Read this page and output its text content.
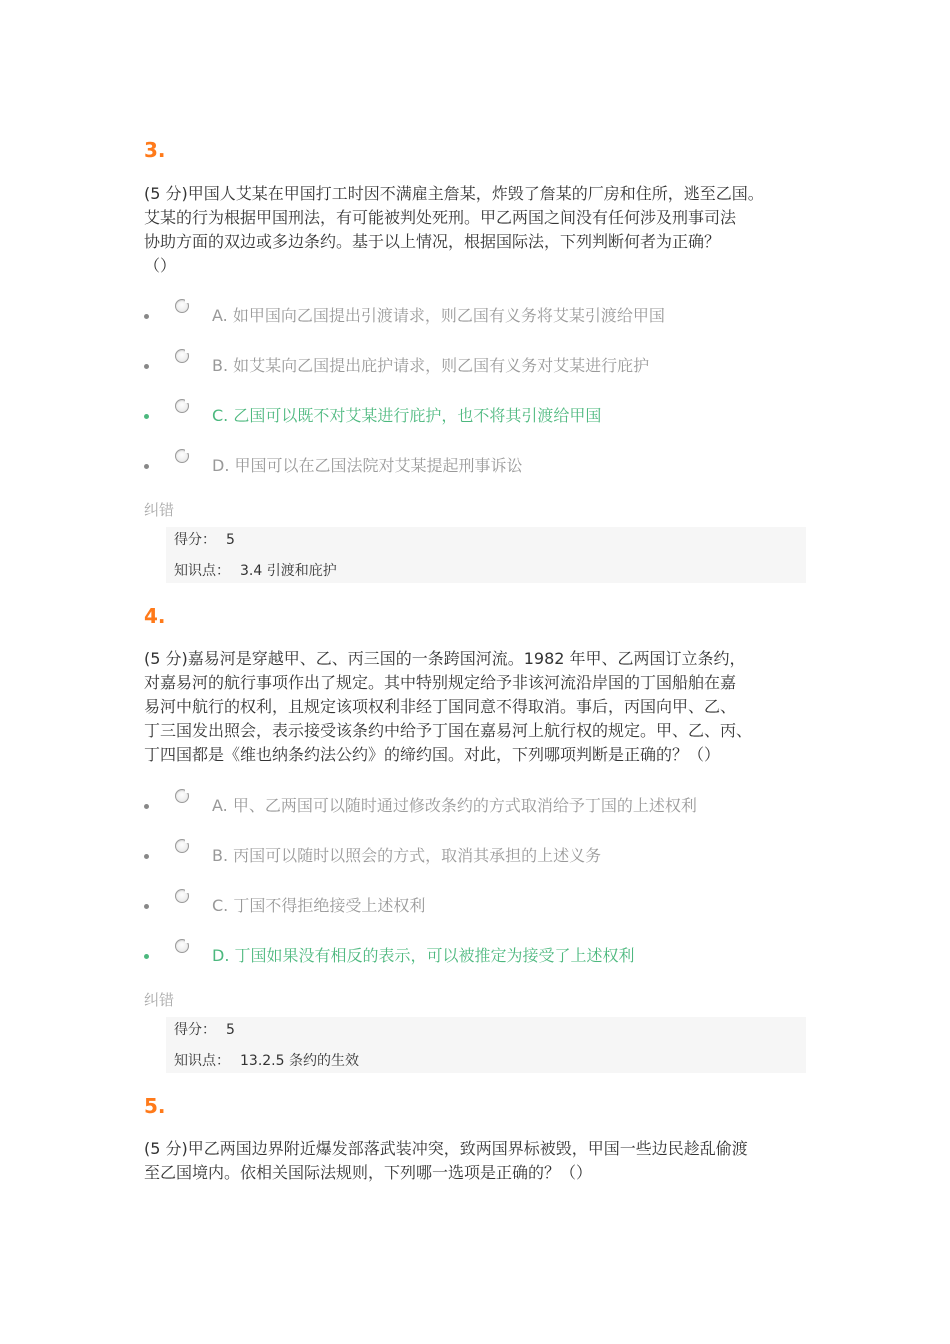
3.
(5 分)甲国人艾某在甲国打工时因不满雇主詹某，炸毁了詹某的厂房和住所，逃至乙国。
艾某的行为根据甲国刑法，有可能被判处死刑。甲乙两国之间没有任何涉及刑事司法
协助方面的双边或多边条约。基于以上情况，根据国际法，下列判断何者为正确？
（）
A. 如甲国向乙国提出引渡请求，则乙国有义务将艾某引渡给甲国
B. 如艾某向乙国提出庇护请求，则乙国有义务对艾某进行庇护
C. 乙国可以既不对艾某进行庇护，也不将其引渡给甲国
D. 甲国可以在乙国法院对艾某提起刑事诉讼
纠错
得分： 5
知识点： 3.4 引渡和庇护
4.
(5 分)嘉易河是穿越甲、乙、丙三国的一条跨国河流。1982 年甲、乙两国订立条约，
对嘉易河的航行事项作出了规定。其中特别规定给予非该河流沿岸国的丁国船舶在嘉
易河中航行的权利，且规定该项权利非经丁国同意不得取消。事后，丙国向甲、乙、
丁三国发出照会，表示接受该条约中给予丁国在嘉易河上航行权的规定。甲、乙、丙、
丁四国都是《维也纳条约法公约》的缔约国。对此，下列哪项判断是正确的？（）
A. 甲、乙两国可以随时通过修改条约的方式取消给予丁国的上述权利
B. 丙国可以随时以照会的方式，取消其承担的上述义务
C. 丁国不得拒绝接受上述权利
D. 丁国如果没有相反的表示，可以被推定为接受了上述权利
纠错
得分： 5
知识点： 13.2.5 条约的生效
5.
(5 分)甲乙两国边界附近爆发部落武装冲突，致两国界标被毁，甲国一些边民趁乱偷渡
至乙国境内。依相关国际法规则，下列哪一选项是正确的？（）
